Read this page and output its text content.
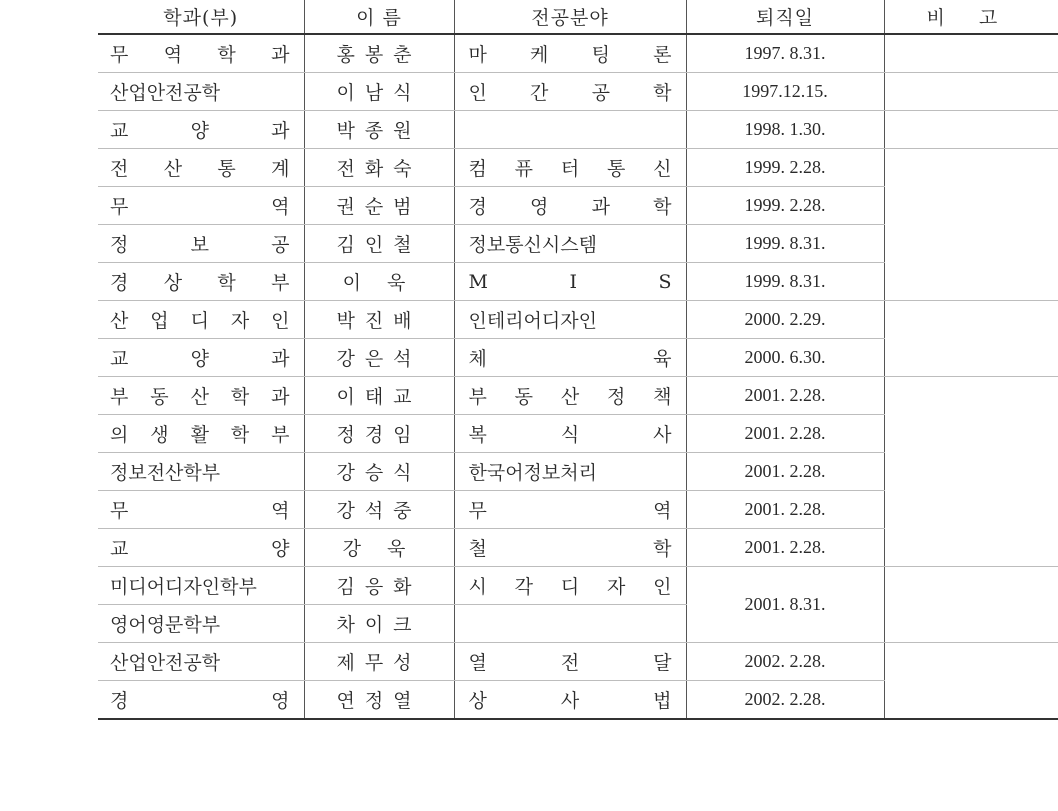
학과(부)	이 름	전공분야	퇴직일	비 고
무 역 학 과	홍봉춘	마 케 팅 론	1997. 8.31.	
산업안전공학	이남식	인 간 공 학	1997.12.15.	
교 양 과	박종원		1998. 1.30.	
전 산 통 계	전화숙	컴 퓨 터 통 신	1999. 2.28.	
무 역	권순범	경 영 과 학	1999. 2.28.	
정 보 공	김인철	정보통신시스템	1999. 8.31.	
경 상 학 부	이 욱	M I S	1999. 8.31.	
산 업 디 자 인	박진배	인테리어디자인	2000. 2.29.	
교 양 과	강은석	체 육	2000. 6.30.	
부 동 산 학 과	이태교	부 동 산 정 책	2001. 2.28.	
의 생 활 학 부	정경임	복 식 사	2001. 2.28.	
정보전산학부	강승식	한국어정보처리	2001. 2.28.	
무 역	강석중	무 역	2001. 2.28.	
교 양	강 욱	철 학	2001. 2.28.	
미디어디자인학부	김응화	시 각 디 자 인	2001. 8.31.	
영어영문학부	차이크			
산업안전공학	제무성	열 전 달	2002. 2.28.	
경 영	연정열	상 사 법	2002. 2.28.	
